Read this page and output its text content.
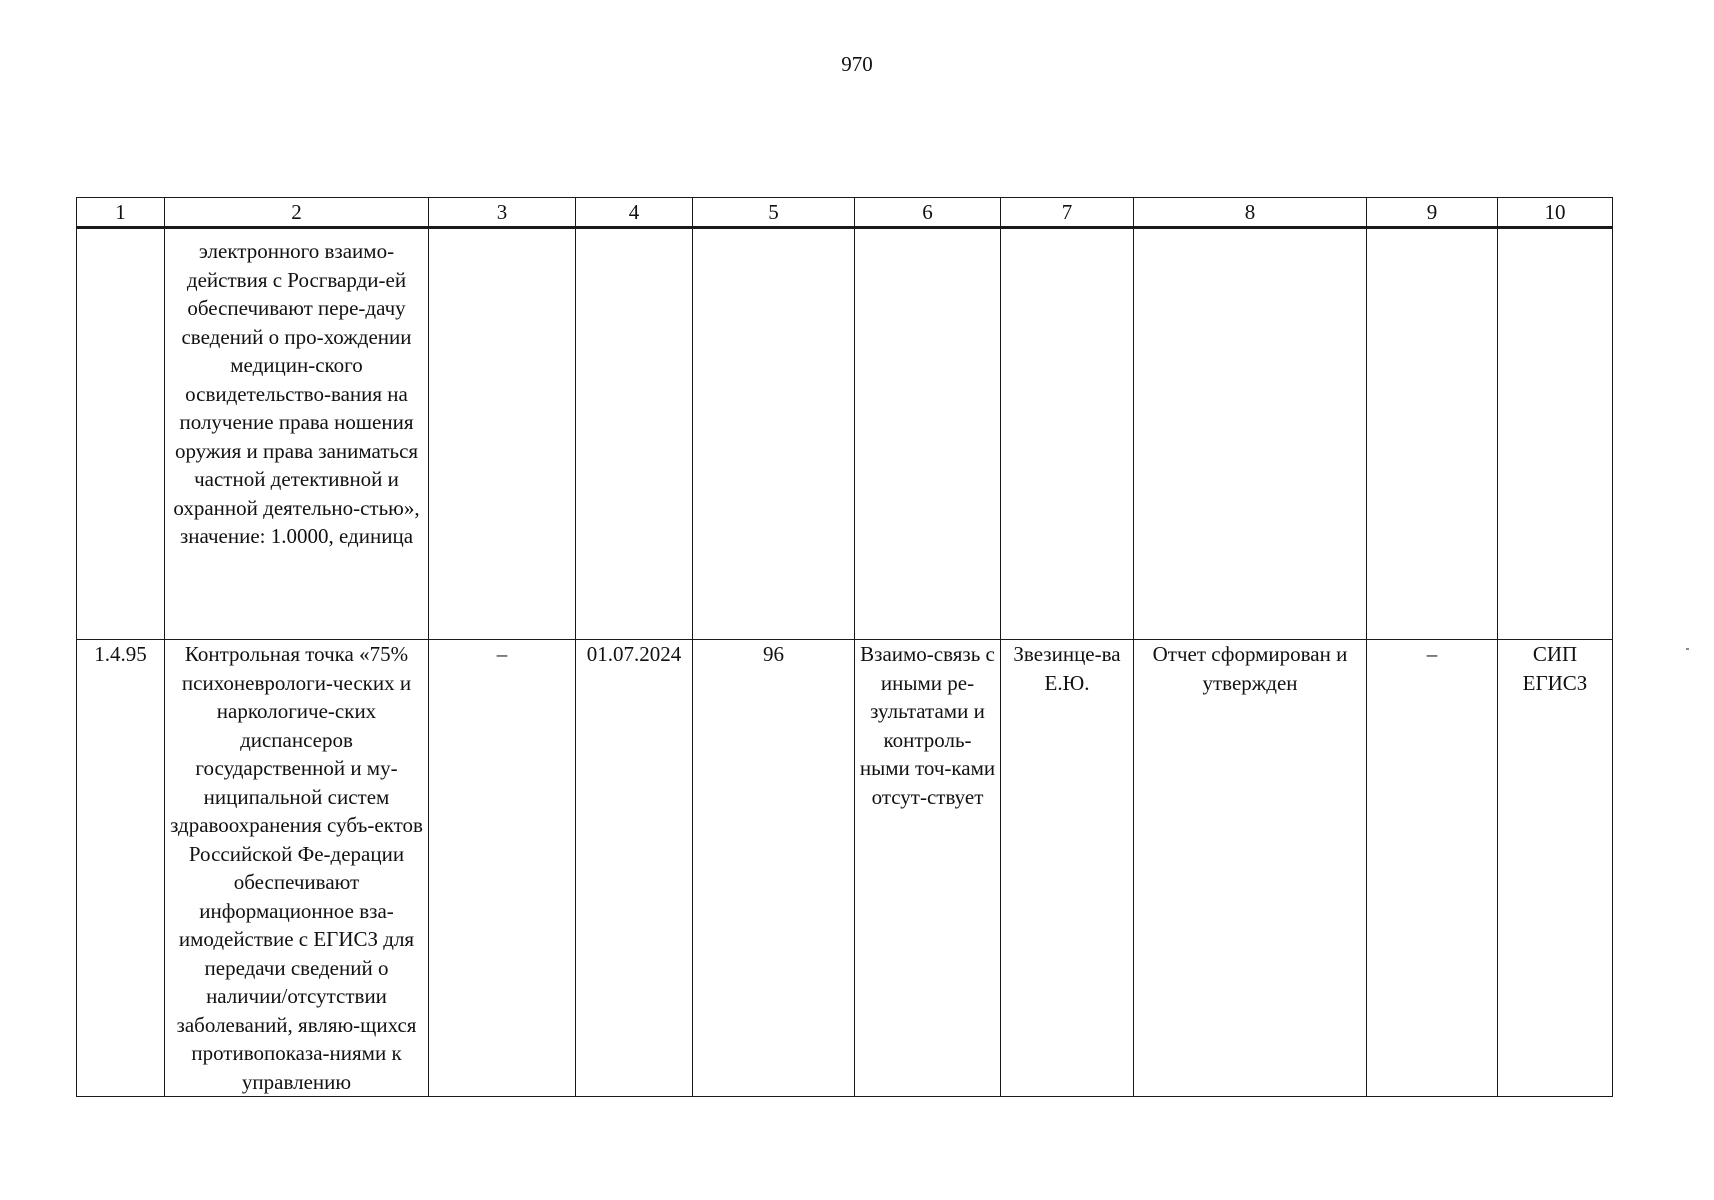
970
1	2	3	4	5	6	7	8	9	10
	электронного взаимо-действия с Росгварди-ей обеспечивают пере-дачу сведений о про-хождении медицин-ского освидетельство-вания на получение права ношения оружия и права заниматься частной детективной и охранной деятельно-стью», значение: 1.0000, единица								
1.4.95	Контрольная точка «75% психоневрологи-ческих и наркологиче-ских диспансеров государственной и му-ниципальной систем здравоохранения субъ-ектов Российской Фе-дерации обеспечивают информационное вза-имодействие с ЕГИСЗ для передачи сведений о наличии/отсутствии заболеваний, являю-щихся противопоказа-ниями к управлению	–	01.07.2024	96	Взаимо-связь с иными ре-зультатами и контроль-ными точ-ками отсут-ствует	Звезинце-ва Е.Ю.	Отчет сформирован и утвержден	–	СИП ЕГИСЗ
